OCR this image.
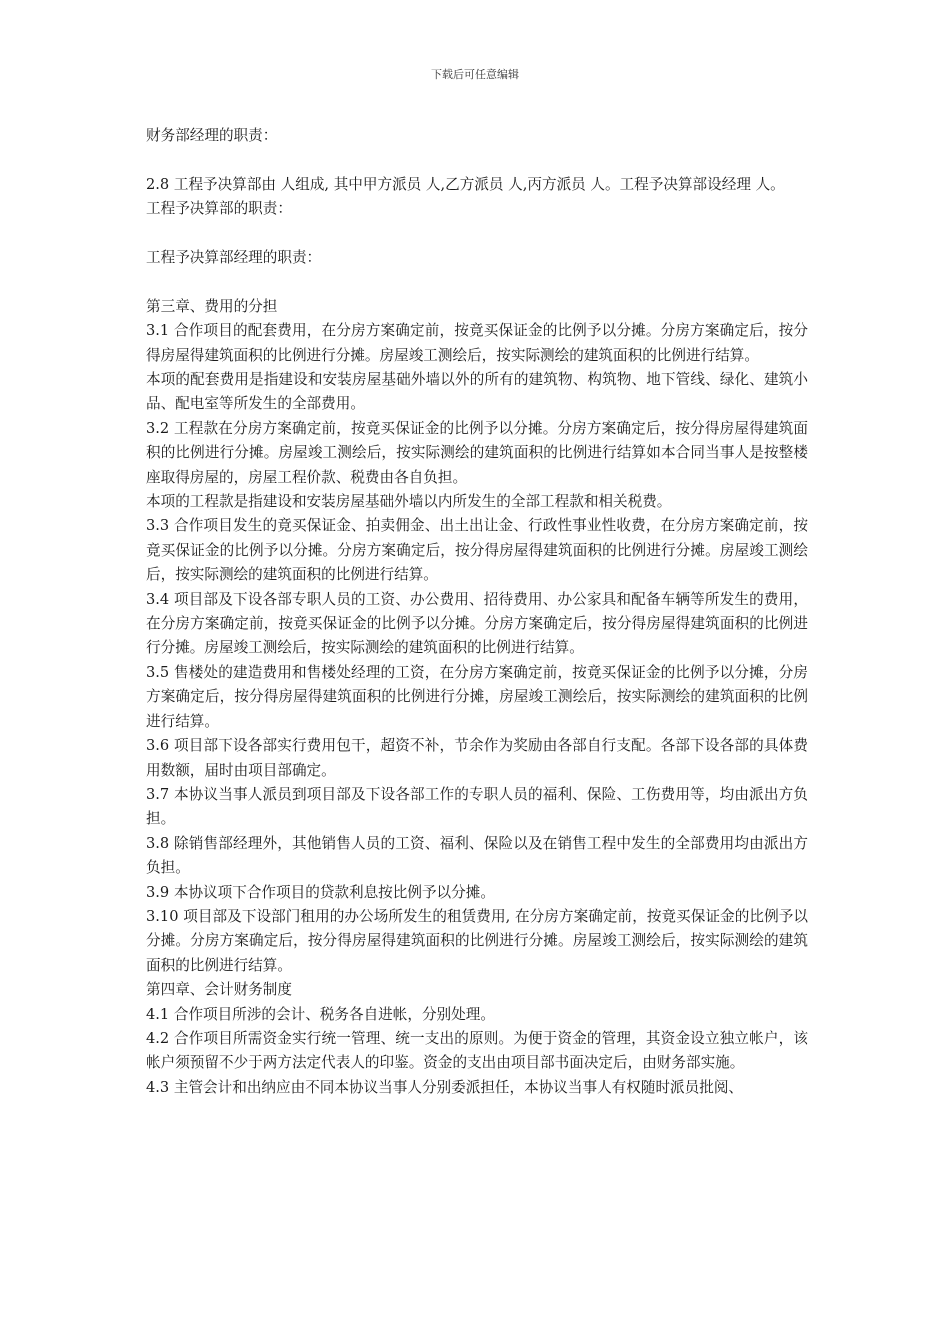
下载后可任意编辑

财务部经理的职责：

2.8 工程予决算部由 人组成, 其中甲方派员 人,乙方派员 人,丙方派员 人。工程予决算部设经理 人。

工程予决算部的职责：

工程予决算部经理的职责：

第三章、费用的分担

3.1 合作项目的配套费用，在分房方案确定前，按竟买保证金的比例予以分摊。分房方案确定后，按分得房屋得建筑面积的比例进行分摊。房屋竣工测绘后，按实际测绘的建筑面积的比例进行结算。

本项的配套费用是指建设和安装房屋基础外墙以外的所有的建筑物、构筑物、地下管线、绿化、建筑小品、配电室等所发生的全部费用。

3.2 工程款在分房方案确定前，按竟买保证金的比例予以分摊。分房方案确定后，按分得房屋得建筑面积的比例进行分摊。房屋竣工测绘后，按实际测绘的建筑面积的比例进行结算如本合同当事人是按整楼座取得房屋的，房屋工程价款、税费由各自负担。

本项的工程款是指建设和安装房屋基础外墙以内所发生的全部工程款和相关税费。

3.3 合作项目发生的竟买保证金、拍卖佣金、出土出让金、行政性事业性收费，在分房方案确定前，按竟买保证金的比例予以分摊。分房方案确定后，按分得房屋得建筑面积的比例进行分摊。房屋竣工测绘后，按实际测绘的建筑面积的比例进行结算。

3.4 项目部及下设各部专职人员的工资、办公费用、招待费用、办公家具和配备车辆等所发生的费用，在分房方案确定前，按竟买保证金的比例予以分摊。分房方案确定后，按分得房屋得建筑面积的比例进行分摊。房屋竣工测绘后，按实际测绘的建筑面积的比例进行结算。

3.5 售楼处的建造费用和售楼处经理的工资，在分房方案确定前，按竟买保证金的比例予以分摊，分房方案确定后，按分得房屋得建筑面积的比例进行分摊，房屋竣工测绘后，按实际测绘的建筑面积的比例进行结算。

3.6 项目部下设各部实行费用包干，超资不补，节余作为奖励由各部自行支配。各部下设各部的具体费用数额，届时由项目部确定。

3.7 本协议当事人派员到项目部及下设各部工作的专职人员的福利、保险、工伤费用等，均由派出方负担。

3.8 除销售部经理外，其他销售人员的工资、福利、保险以及在销售工程中发生的全部费用均由派出方负担。

3.9 本协议项下合作项目的贷款利息按比例予以分摊。

3.10 项目部及下设部门租用的办公场所发生的租赁费用, 在分房方案确定前，按竟买保证金的比例予以分摊。分房方案确定后，按分得房屋得建筑面积的比例进行分摊。房屋竣工测绘后，按实际测绘的建筑面积的比例进行结算。

第四章、会计财务制度

4.1 合作项目所涉的会计、税务各自进帐，分别处理。

4.2 合作项目所需资金实行统一管理、统一支出的原则。为便于资金的管理，其资金设立独立帐户，该帐户须预留不少于两方法定代表人的印鉴。资金的支出由项目部书面决定后，由财务部实施。

4.3 主管会计和出纳应由不同本协议当事人分别委派担任，本协议当事人有权随时派员批阅、
